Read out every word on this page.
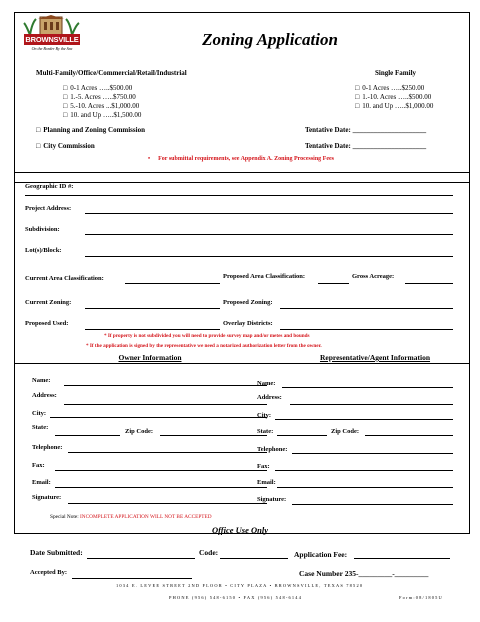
BROWNSVILLE
On the Border By the Sea	Zoning Application
Multi-Family/Office/Commercial/Retail/Industrial	Single Family
□ 0-1 Acres …..$500.00
□ 1.-5. Acres …..$750.00
□ 5.-10. Acres ...$1,000.00
□ 10. and Up …..$1,500.00
□ 0-1 Acres …..$250.00
□ 1.-10. Acres …..$500.00
□ 10. and Up …..$1,000.00
□ Planning and Zoning Commission	Tentative Date: _____________________
□ City Commission	Tentative Date: _____________________
• For submittal requirements, see Appendix A. Zoning Processing Fees
Geographic ID #:
Project Address:
Subdivision:
Lot(s)/Block:
Current Area Classification:	Proposed Area Classification:	Gross Acreage:
Current Zoning:	Proposed Zoning:
Proposed Used:	Overlay Districts:
* If property is not subdivided you will need to provide survey map and/or metes and bounds
* If the application is signed by the representative we need a notarized authorization letter from the owner.
Owner Information	Representative/Agent Information
Name:
Address:
City:
State:
Zip Code:
Telephone:
Fax:
Email:
Signature:
Name:
Address:
City:
State:	Zip Code:
Telephone:
Fax:
Email:
Signature:
Special Note: INCOMPLETE APPLICATION WILL NOT BE ACCEPTED
Office Use Only
Date Submitted:	Code:	Application Fee:
Accepted By:	Case Number 235-_________-_________
1034 E. LEVEE STREET 2ND FLOOR • CITY PLAZA • BROWNSVILLE, TEXAS 78520
PHONE (956) 548-6150 • FAX (956) 548-6144	Form:08/1805U
